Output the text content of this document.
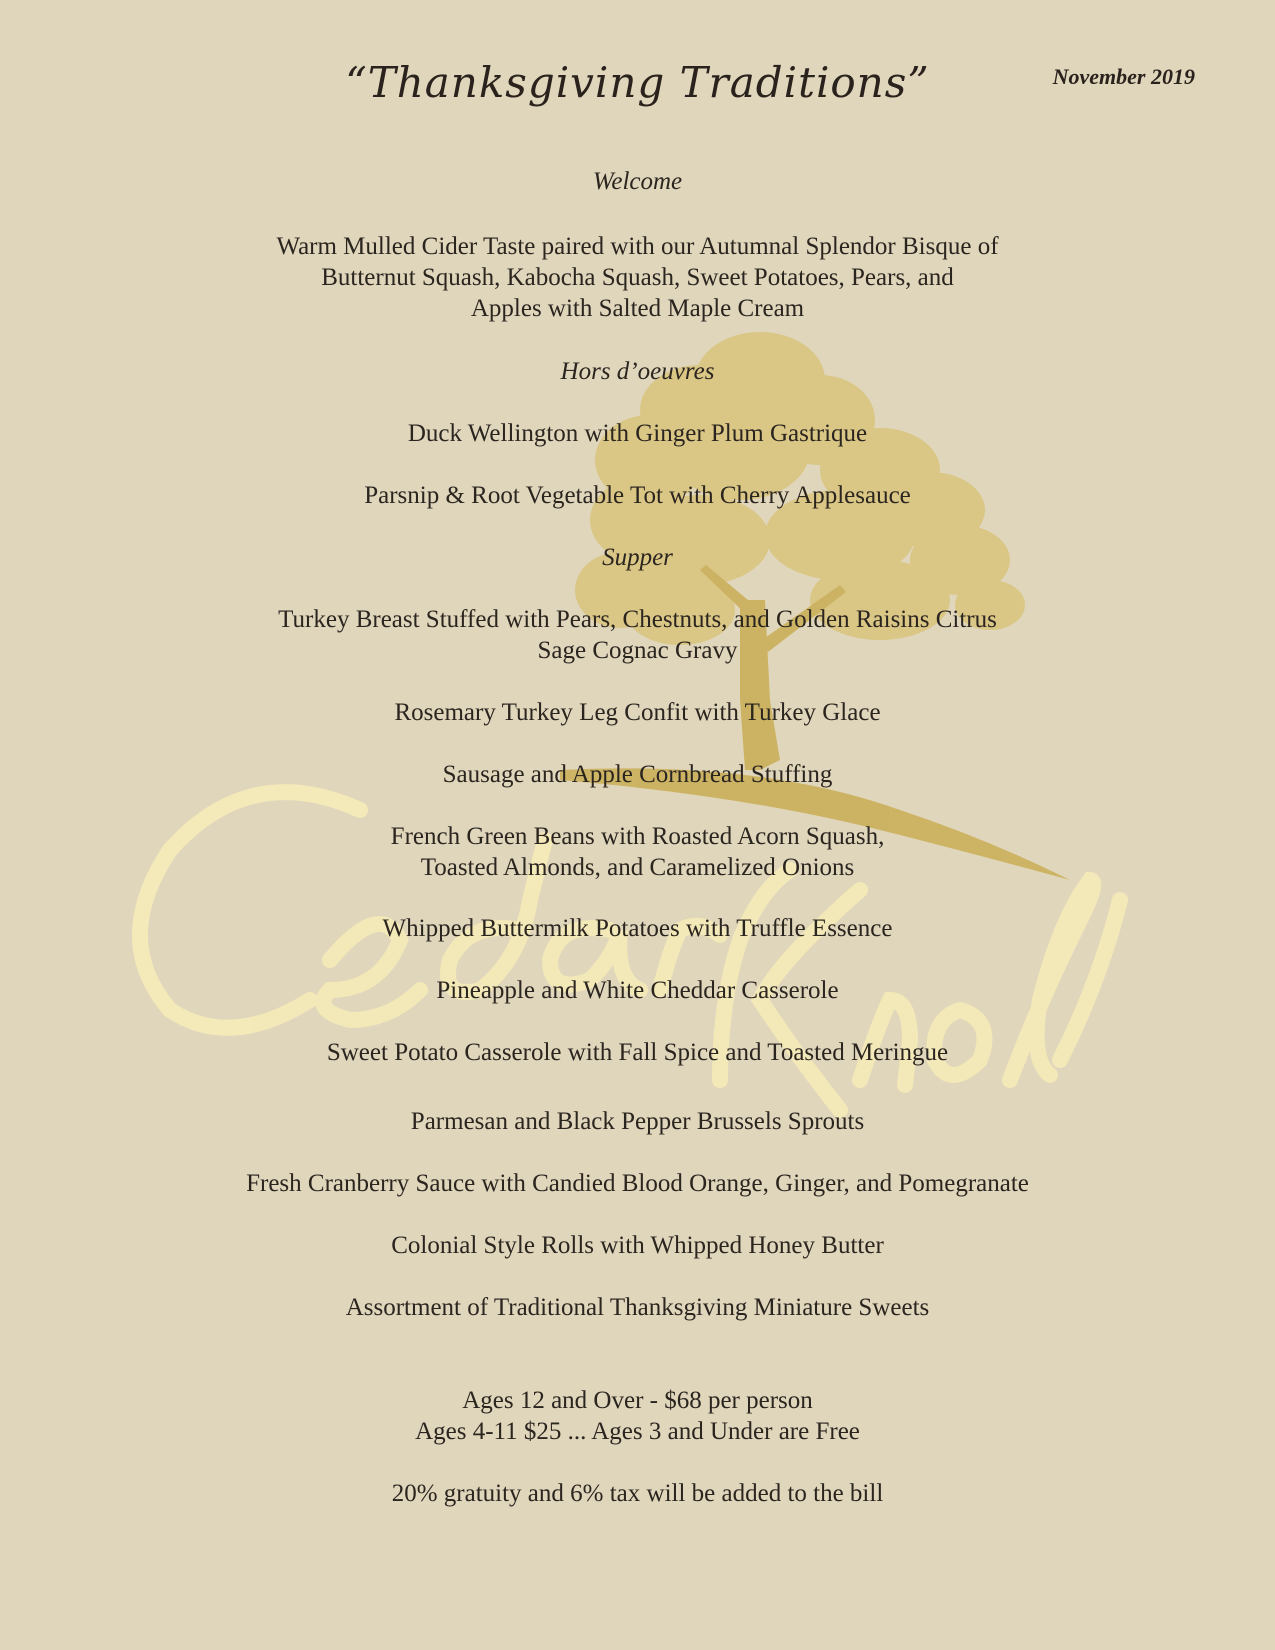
“Thanksgiving Traditions”	November 2019
Welcome
Warm Mulled Cider Taste paired with our Autumnal Splendor Bisque of
Butternut Squash, Kabocha Squash, Sweet Potatoes, Pears, and
Apples with Salted Maple Cream
Hors d’oeuvres
Duck Wellington with Ginger Plum Gastrique
Parsnip & Root Vegetable Tot with Cherry Applesauce
Supper
Turkey Breast Stuffed with Pears, Chestnuts, and Golden Raisins Citrus
Sage Cognac Gravy
Rosemary Turkey Leg Confit with Turkey Glace
Sausage and Apple Cornbread Stuffing
French Green Beans with Roasted Acorn Squash,
Toasted Almonds, and Caramelized Onions
Whipped Buttermilk Potatoes with Truffle Essence
Pineapple and White Cheddar Casserole
Sweet Potato Casserole with Fall Spice and Toasted Meringue
Parmesan and Black Pepper Brussels Sprouts
Fresh Cranberry Sauce with Candied Blood Orange, Ginger, and Pomegranate
Colonial Style Rolls with Whipped Honey Butter
Assortment of Traditional Thanksgiving Miniature Sweets
Ages 12 and Over - $68 per person
Ages 4-11 $25 ... Ages 3 and Under are Free
20% gratuity and 6% tax will be added to the bill
